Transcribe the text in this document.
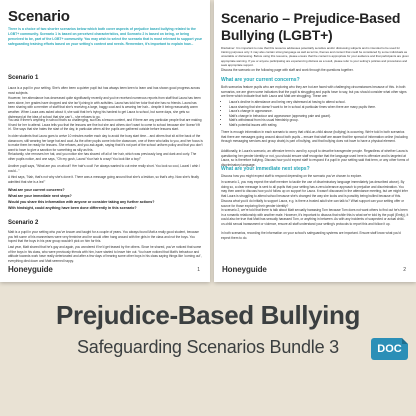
Scenario

There is a choice of two shorter scenarios below which both cover aspects of prejudice based bullying related to the LGBT+ community. Scenario 1 is based on perceived characteristics, and Scenario 2 is based on being, or being perceived to be, part of the LGBT+ community. You may wish to select the scenario that is most relevant to support your safeguarding training efforts based on your setting's context and needs. Remember, it's important to explain how...

Scenario 1

Laura is a pupil in your setting. She's often been a quieter pupil but has always been keen to learn and has shown good progress across most subjects.

However, her attendance has decreased quite significantly recently and you've received numerous reports from staff that Laura has been seen alone, her grades have dropped and she isn't joining in with activities. Laura has told her tutor that she has no friends. Laura has been sharing with a member of staff that she's receiving a large, baggy coat and is wearing her hair... despite it being reasonably warm weather. When Laura was asked about it, she said that he's trying his hardest to get Laura to school, but some days, she gets so distressed at the idea of school that she can't... she refuses to go.

You ask if there's anything in school that's so challenging, such as a lesson content, and if there are any particular people that are making it hard for her to attend. Laura tells you that the lessons are fine but she and others don't want to come to school because she 'doesn't fit in'. She says that she hates the start of the day, in particular when all the pupils are gathered outside before lessons start.

In older students that Laura goes to arrive 10 minutes earlier each day to avoid the busy start time... and others that sit at the back of the classroom, still wearing her large hat and coat. As the other pupils come into the classroom, one of them who talks to you, and her focus is to make them be ready for lessons. She refuses, and you ask again, saying that it's not part of the school uniform policy and that you don't want to have to give a sanction for something as silly as this.

Reluctantly, she removes her hat, and you notice she has shaved off all of her hair, which was previously long and dark and curly. The other pupils notice, and one says, "Oh my gosh, Laura! Your hair is crazy! You look like a boy!"

Another pupil says, "What are you on about? Her hair's cool! I've always wanted to cut mine really short. You look so cool, Laura! I wish I could..."

A third says, "Nah, that's not why she's done it. There was a message going around that she's a lesbian, so that's why. Now she's finally admitted that she is a lez!"

What are your current concerns?
What are your immediate next steps?
Would you share this information with anyone or consider taking any further actions?
With hindsight, could anything have been done differently in this scenario?
Scenario 2

Matt is a pupil in your setting who you've known and taught for a couple of years. You always found Matt a really good student, because you felt some of his mannerisms were very feminine and he would often hang around with the girls in the class and not the boys. You hoped that the boys in his year group wouldn't pick on him for this.

Last year, Matt shared that he's gay and again, you wondered if he'd get teased by the others. Since he shared, you've noticed that some of the boys in his class, who were previously friends with him, have started to leave him out. You have noticed that Matt's behaviour and attitude towards work have really deteriorated and after a few days of hearing some other boys in his class saying things like 'coming out', everything died down and Matt seemed happy.

Honeyguide	1
Scenario – Prejudice-Based Bullying (LGBT+)

Disclaimer: It is important to note that this resource addresses potentially sensitive and/or distressing subjects and is intended to be used for training purposes only. It may also contain strong language as well as terms, themes and content that could be considered by some individuals as unsuitable or distressing. Before using this resource, please ensure that the content is appropriate for your audience and that participants are given appropriate warning. If you or anyone participating are experiencing distress as a result, please refer to your setting's policies and procedures and seek appropriate support.

Discuss the scenario on the following page with staff and work through the questions together.

What are your current concerns?

Both scenarios feature pupils who are exploring who they are but are faced with challenging circumstances because of this. In both scenarios, we are given some indicators that the pupil is struggling and pupils have to say, but you should consider what other signs are there which indicate that both Laura and Matt are struggling. These are:

• Laura's decline in attendance and being very distressed at having to attend school.
• Laura sharing that she doesn't want to be in school at particular times when there are many pupils there.
• Laura's change in appearance.
• Matt's change in behaviour and appearance (appearing pale and gaunt).
• Matt's withdrawal from his usual friendship group.
• Matt's potential issues with eating.

There is enough information in each scenario to worry that child-on-child abuse (bullying) is occurring. We're told in both scenarios that there are messages going around about both pupils – ensure that staff are aware that the spread of information online (including through messaging services and group chats) is part of bullying, and that bullying does not have to have a physical element.

Additionally, in Laura's scenario, an offensive term is used by a pupil to describe transgender people. Regardless of whether Laura is questioning her gender identity or not, you should ensure staff recognise that the language used here is offensive and is targeted at Laura, so is therefore bullying. Discuss how you'd expect staff to respond if a pupil in your setting said that term, or any other forms of discriminatory language.

What are your immediate next steps?

Discuss how you might expect staff to respond depending on the scenario you've chosen to explore.

In scenario 1, you may expect the staff member to tackle the use of discriminatory language immediately (as described above). By doing so, a clear message is sent to all pupils that your setting has a zero-tolerance approach to prejudice and discrimination. You may then want to discuss how you'd follow up on support for Laura. It wasn't discussed in the attendance meeting, but we might infer that Laura is struggling to attend school because she's changed the way she looks and is possibly being bullied because of this. Discuss what you'd do initially to support Laura, e.g. is there a trusted adult she can talk to? What support can your setting offer or source for those exploring their gender identity?

In scenario 2, we're told that there is talk about Matt sexually harassing Tom because Tom does not want others to find out he's been in a romantic relationship with another male. However, it's important to discuss that while this is what we're told by the pupil (Emily), it could also be true that Matt has sexually harassed Tom, or anything in between. As with any incidents of suspected or actual child-on-child sexual harassment or violence, ensure all staff understand your setting's protocols to report this and follow it up.

In both scenarios, recording the information on your school's safeguarding systems are important. Ensure staff know what you'd expect them to do.

Honeyguide	2
Prejudice-Based Bullying
Safeguarding Scenarios Bundle 3	DOC
